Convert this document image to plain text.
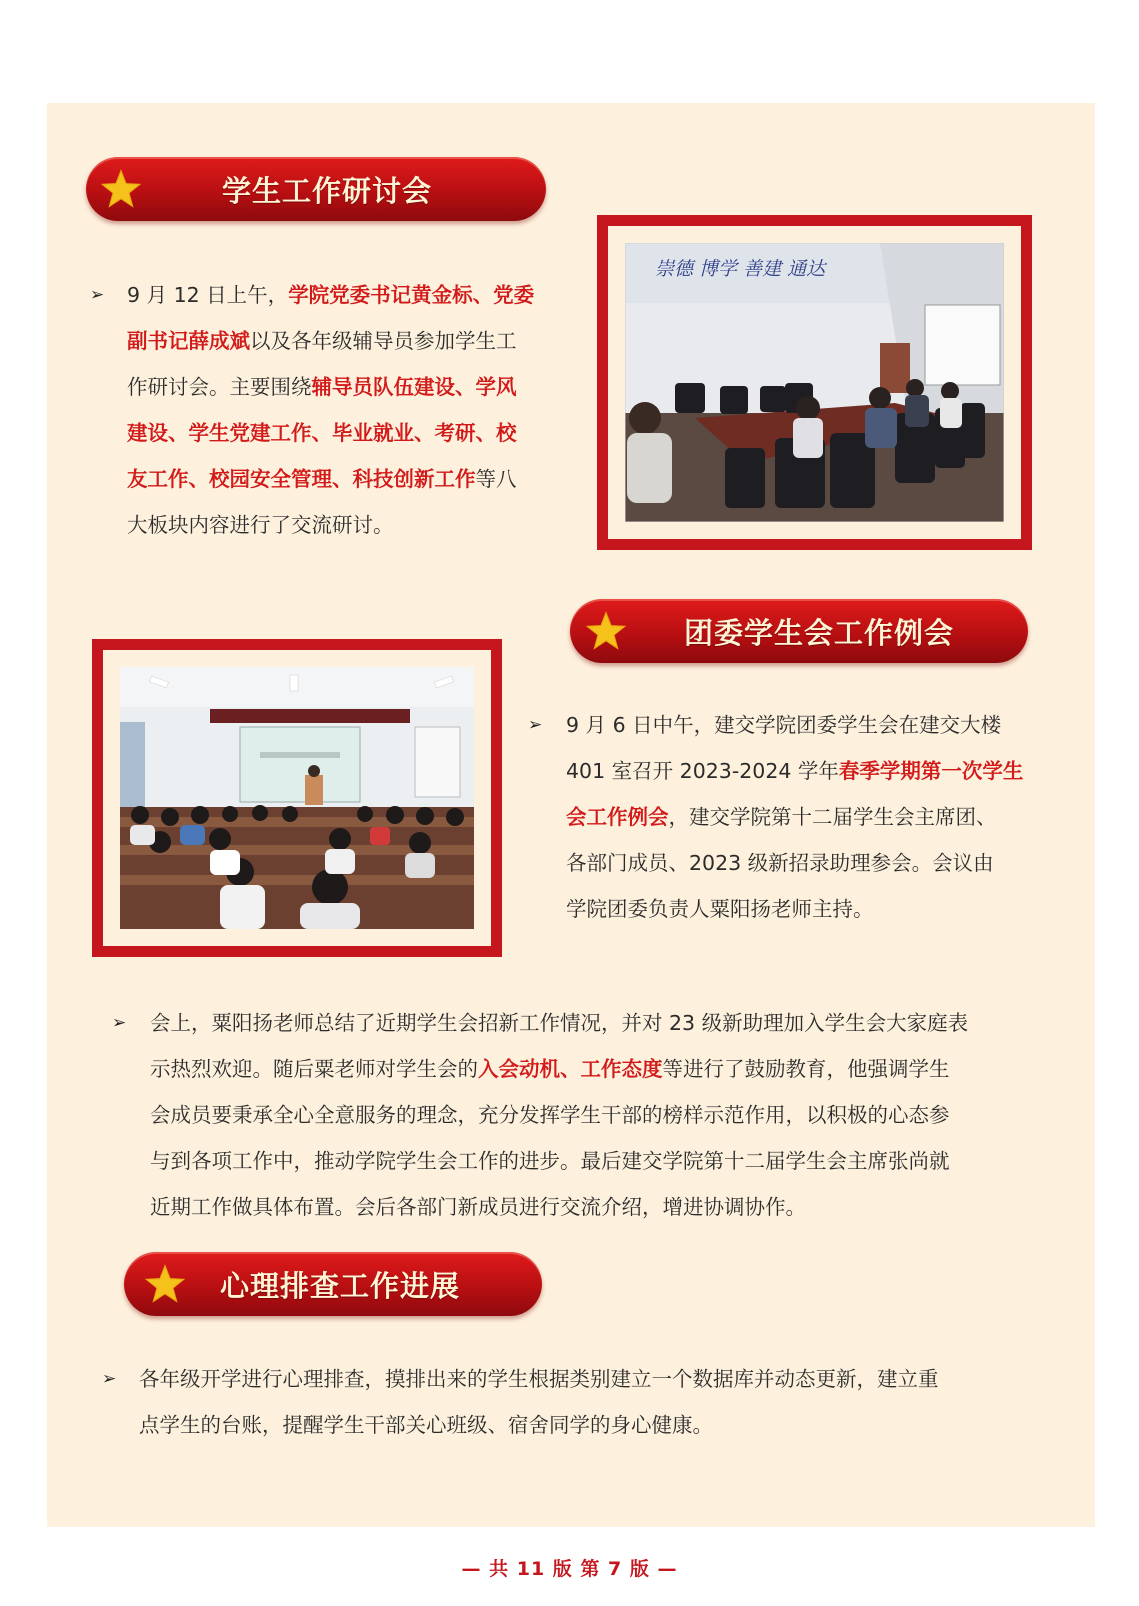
学生工作研讨会
➢ 9 月 12 日上午，学院党委书记黄金标、党委
副书记薛成斌以及各年级辅导员参加学生工
作研讨会。主要围绕辅导员队伍建设、学风
建设、学生党建工作、毕业就业、考研、校
友工作、校园安全管理、科技创新工作等八
大板块内容进行了交流研讨。
崇德 博学 善建 通达
团委学生会工作例会
➢ 9 月 6 日中午，建交学院团委学生会在建交大楼
401 室召开 2023-2024 学年春季学期第一次学生
会工作例会，建交学院第十二届学生会主席团、
各部门成员、2023 级新招录助理参会。会议由
学院团委负责人粟阳扬老师主持。
➢ 会上，粟阳扬老师总结了近期学生会招新工作情况，并对 23 级新助理加入学生会大家庭表
示热烈欢迎。随后粟老师对学生会的入会动机、工作态度等进行了鼓励教育，他强调学生
会成员要秉承全心全意服务的理念，充分发挥学生干部的榜样示范作用，以积极的心态参
与到各项工作中，推动学院学生会工作的进步。最后建交学院第十二届学生会主席张尚就
近期工作做具体布置。会后各部门新成员进行交流介绍，增进协调协作。
心理排查工作进展
➢ 各年级开学进行心理排查，摸排出来的学生根据类别建立一个数据库并动态更新，建立重
点学生的台账，提醒学生干部关心班级、宿舍同学的身心健康。
— 共 11 版 第 7 版 —
